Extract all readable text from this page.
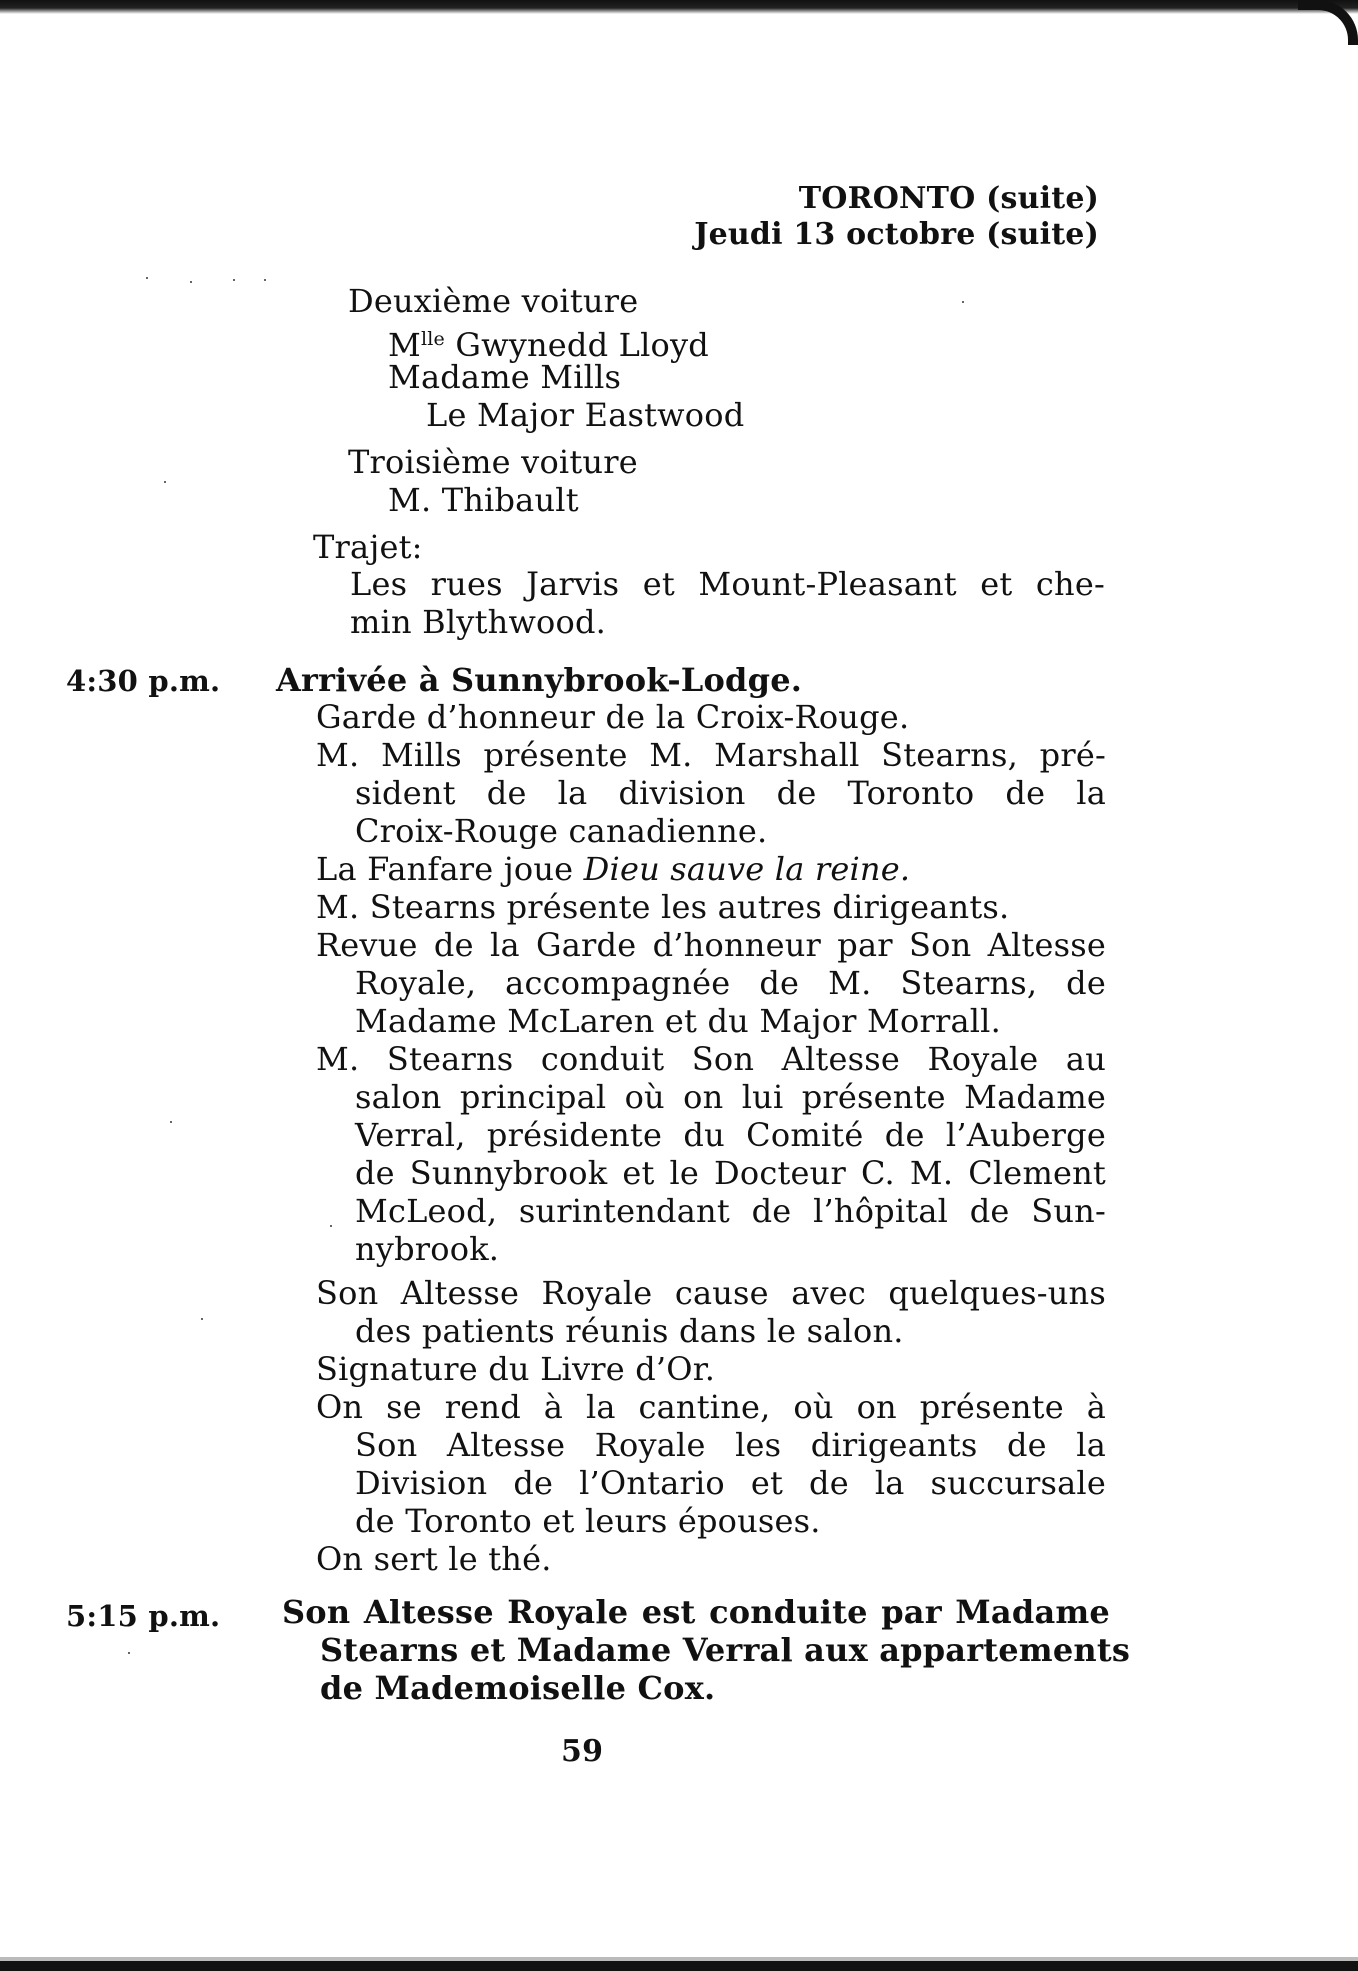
TORONTO (suite)
Jeudi 13 octobre (suite)
Deuxième voiture
$M^{lle}$ Gwynedd Lloyd
Madame Mills
Le Major Eastwood
Troisième voiture
M. Thibault
Trajet:
Les rues Jarvis et Mount-Pleasant et che-
min Blythwood.
4:30 p.m. Arrivée à Sunnybrook-Lodge.
Garde d’honneur de la Croix-Rouge.
M. Mills présente M. Marshall Stearns, pré-
sident de la division de Toronto de la
Croix-Rouge canadienne.
La Fanfare joue Dieu sauve la reine.
M. Stearns présente les autres dirigeants.
Revue de la Garde d’honneur par Son Altesse
Royale, accompagnée de M. Stearns, de
Madame McLaren et du Major Morrall.
M. Stearns conduit Son Altesse Royale au
salon principal où on lui présente Madame
Verral, présidente du Comité de l’Auberge
de Sunnybrook et le Docteur C. M. Clement
McLeod, surintendant de l’hôpital de Sun-
nybrook.
Son Altesse Royale cause avec quelques-uns
des patients réunis dans le salon.
Signature du Livre d’Or.
On se rend à la cantine, où on présente à
Son Altesse Royale les dirigeants de la
Division de l’Ontario et de la succursale
de Toronto et leurs épouses.
On sert le thé.
5:15 p.m. Son Altesse Royale est conduite par Madame
Stearns et Madame Verral aux appartements
de Mademoiselle Cox.
59
